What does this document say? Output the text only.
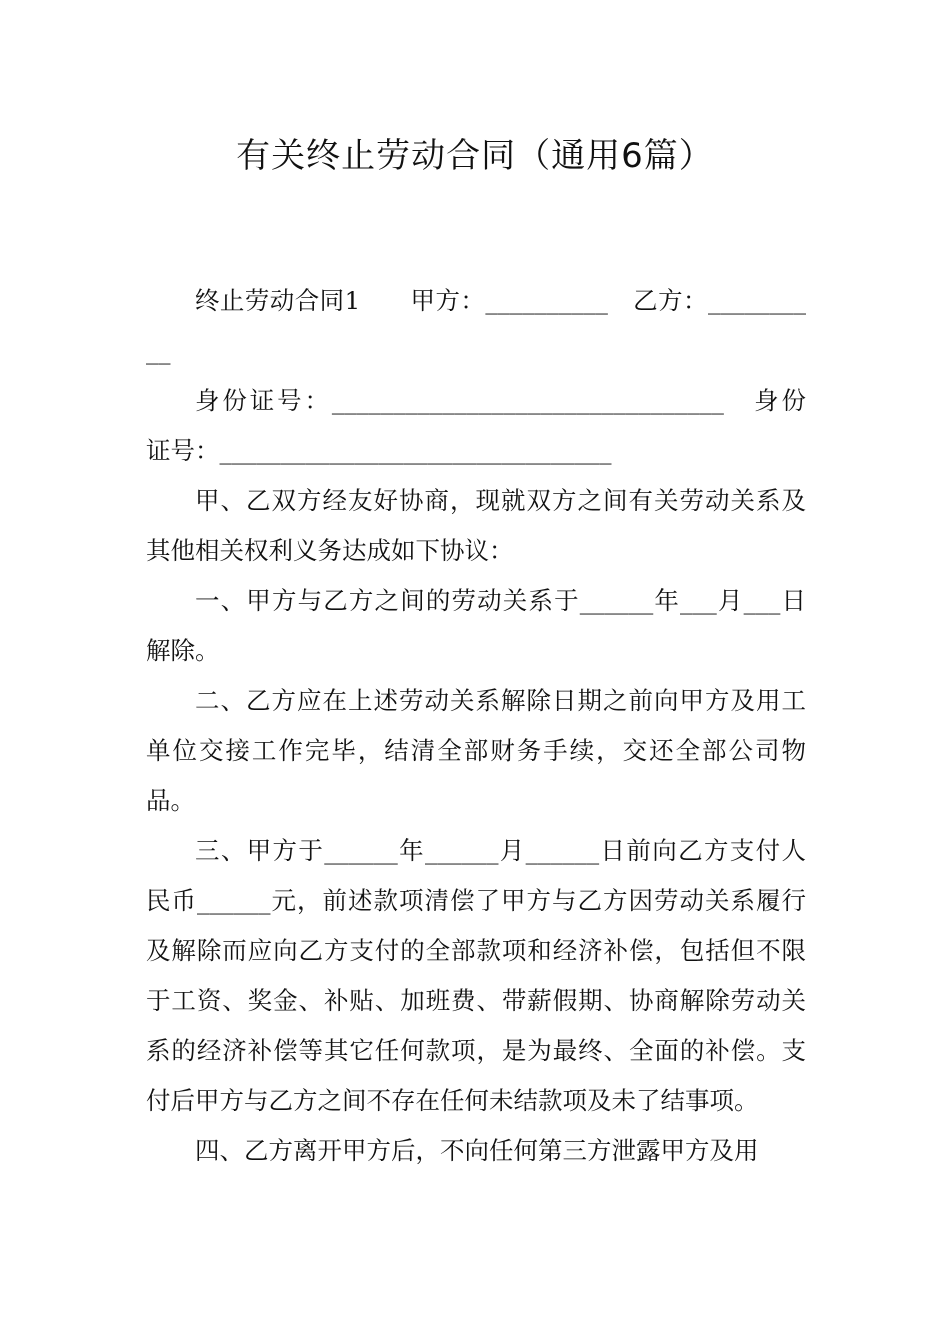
有关终止劳动合同（通用6篇）

终止劳动合同1　　甲方：__________　乙方：__________

身份证号：________________________________　身份证号：________________________________

甲、乙双方经友好协商，现就双方之间有关劳动关系及其他相关权利义务达成如下协议：

一、甲方与乙方之间的劳动关系于______年___月___日解除。

二、乙方应在上述劳动关系解除日期之前向甲方及用工单位交接工作完毕，结清全部财务手续，交还全部公司物品。

三、甲方于______年______月______日前向乙方支付人民币______元，前述款项清偿了甲方与乙方因劳动关系履行及解除而应向乙方支付的全部款项和经济补偿，包括但不限于工资、奖金、补贴、加班费、带薪假期、协商解除劳动关系的经济补偿等其它任何款项，是为最终、全面的补偿。支付后甲方与乙方之间不存在任何未结款项及未了结事项。

四、乙方离开甲方后，不向任何第三方泄露甲方及用
